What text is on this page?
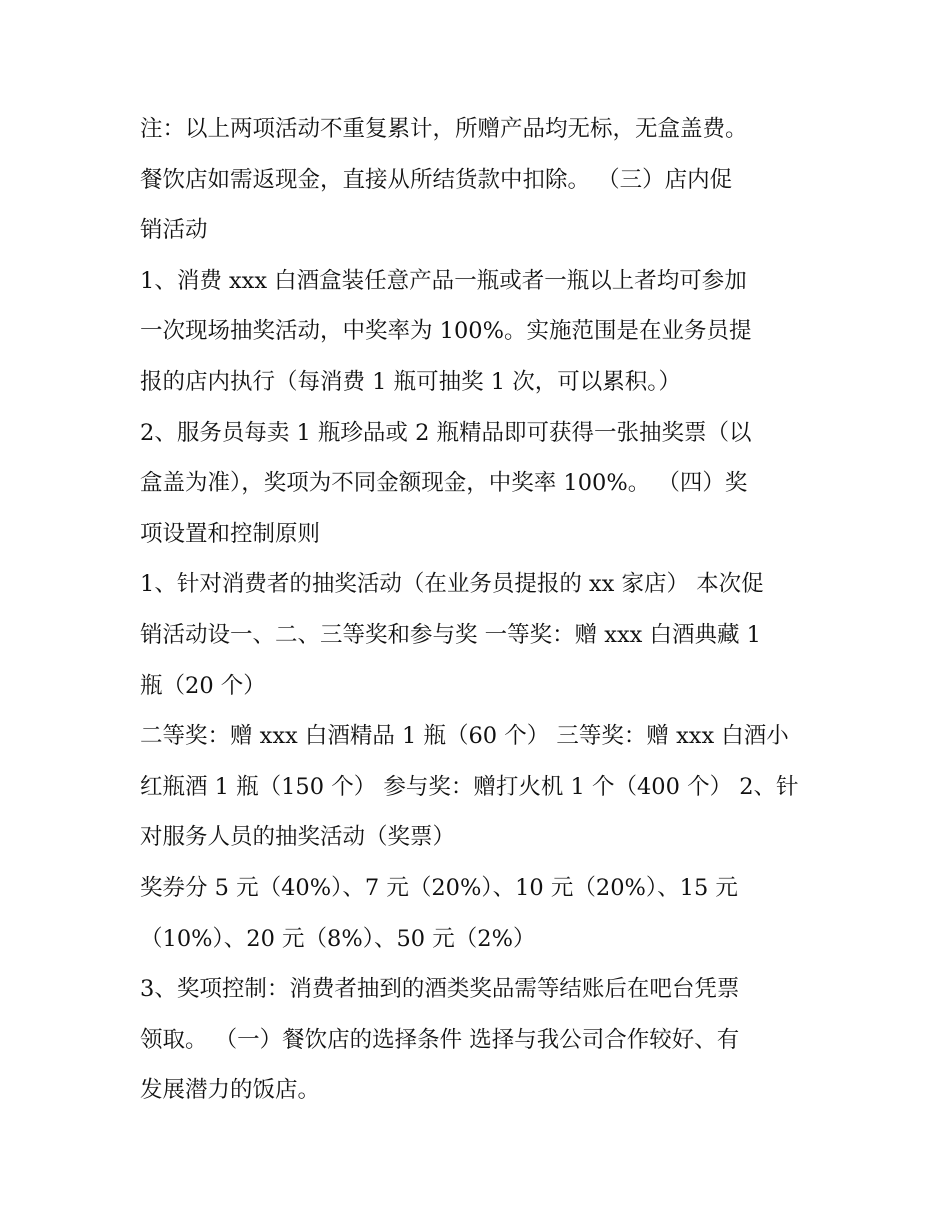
注：以上两项活动不重复累计，所赠产品均无标，无盒盖费。
餐饮店如需返现金，直接从所结货款中扣除。 （三）店内促
销活动
1、消费 xxx 白酒盒装任意产品一瓶或者一瓶以上者均可参加
一次现场抽奖活动，中奖率为 100%。实施范围是在业务员提
报的店内执行（每消费 1 瓶可抽奖 1 次，可以累积。）
2、服务员每卖 1 瓶珍品或 2 瓶精品即可获得一张抽奖票（以
盒盖为准），奖项为不同金额现金，中奖率 100%。 （四）奖
项设置和控制原则
1、针对消费者的抽奖活动（在业务员提报的 xx 家店） 本次促
销活动设一、二、三等奖和参与奖 一等奖：赠 xxx 白酒典藏 1
瓶（20 个）
二等奖：赠 xxx 白酒精品 1 瓶（60 个） 三等奖：赠 xxx 白酒小
红瓶酒 1 瓶（150 个） 参与奖：赠打火机 1 个（400 个） 2、针
对服务人员的抽奖活动（奖票）
奖券分 5 元（40%）、7 元（20%）、10 元（20%）、15 元
（10%）、20 元（8%）、50 元（2%）
3、奖项控制：消费者抽到的酒类奖品需等结账后在吧台凭票
领取。 （一）餐饮店的选择条件 选择与我公司合作较好、有
发展潜力的饭店。
